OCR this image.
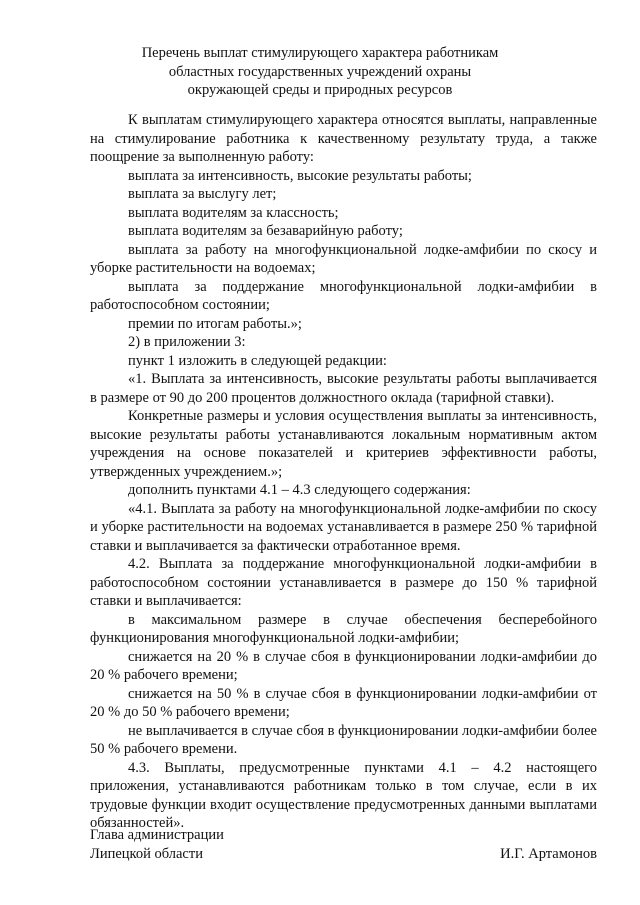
Перечень выплат стимулирующего характера работникам
областных государственных учреждений охраны
окружающей среды и природных ресурсов

К выплатам стимулирующего характера относятся выплаты, направленные на стимулирование работника к качественному результату труда, а также поощрение за выполненную работу:

выплата за интенсивность, высокие результаты работы;

выплата за выслугу лет;

выплата водителям за классность;

выплата водителям за безаварийную работу;

выплата за работу на многофункциональной лодке-амфибии по скосу и уборке растительности на водоемах;

выплата за поддержание многофункциональной лодки-амфибии в работоспособном состоянии;

премии по итогам работы.»;

2) в приложении 3:

пункт 1 изложить в следующей редакции:

«1. Выплата за интенсивность, высокие результаты работы выплачивается в размере от 90 до 200 процентов должностного оклада (тарифной ставки).

Конкретные размеры и условия осуществления выплаты за интенсивность, высокие результаты работы устанавливаются локальным нормативным актом учреждения на основе показателей и критериев эффективности работы, утвержденных учреждением.»;

дополнить пунктами 4.1 – 4.3 следующего содержания:

«4.1. Выплата за работу на многофункциональной лодке-амфибии по скосу и уборке растительности на водоемах устанавливается в размере 250 % тарифной ставки и выплачивается за фактически отработанное время.

4.2. Выплата за поддержание многофункциональной лодки-амфибии в работоспособном состоянии устанавливается в размере до 150 % тарифной ставки и выплачивается:

в максимальном размере в случае обеспечения бесперебойного функционирования многофункциональной лодки-амфибии;

снижается на 20 % в случае сбоя в функционировании лодки-амфибии до 20 % рабочего времени;

снижается на 50 % в случае сбоя в функционировании лодки-амфибии от 20 % до 50 % рабочего времени;

не выплачивается в случае сбоя в функционировании лодки-амфибии более 50 % рабочего времени.

4.3. Выплаты, предусмотренные пунктами 4.1 – 4.2 настоящего приложения, устанавливаются работникам только в том случае, если в их трудовые функции входит осуществление предусмотренных данными выплатами обязанностей».

Глава администрации
Липецкой области	И.Г. Артамонов
